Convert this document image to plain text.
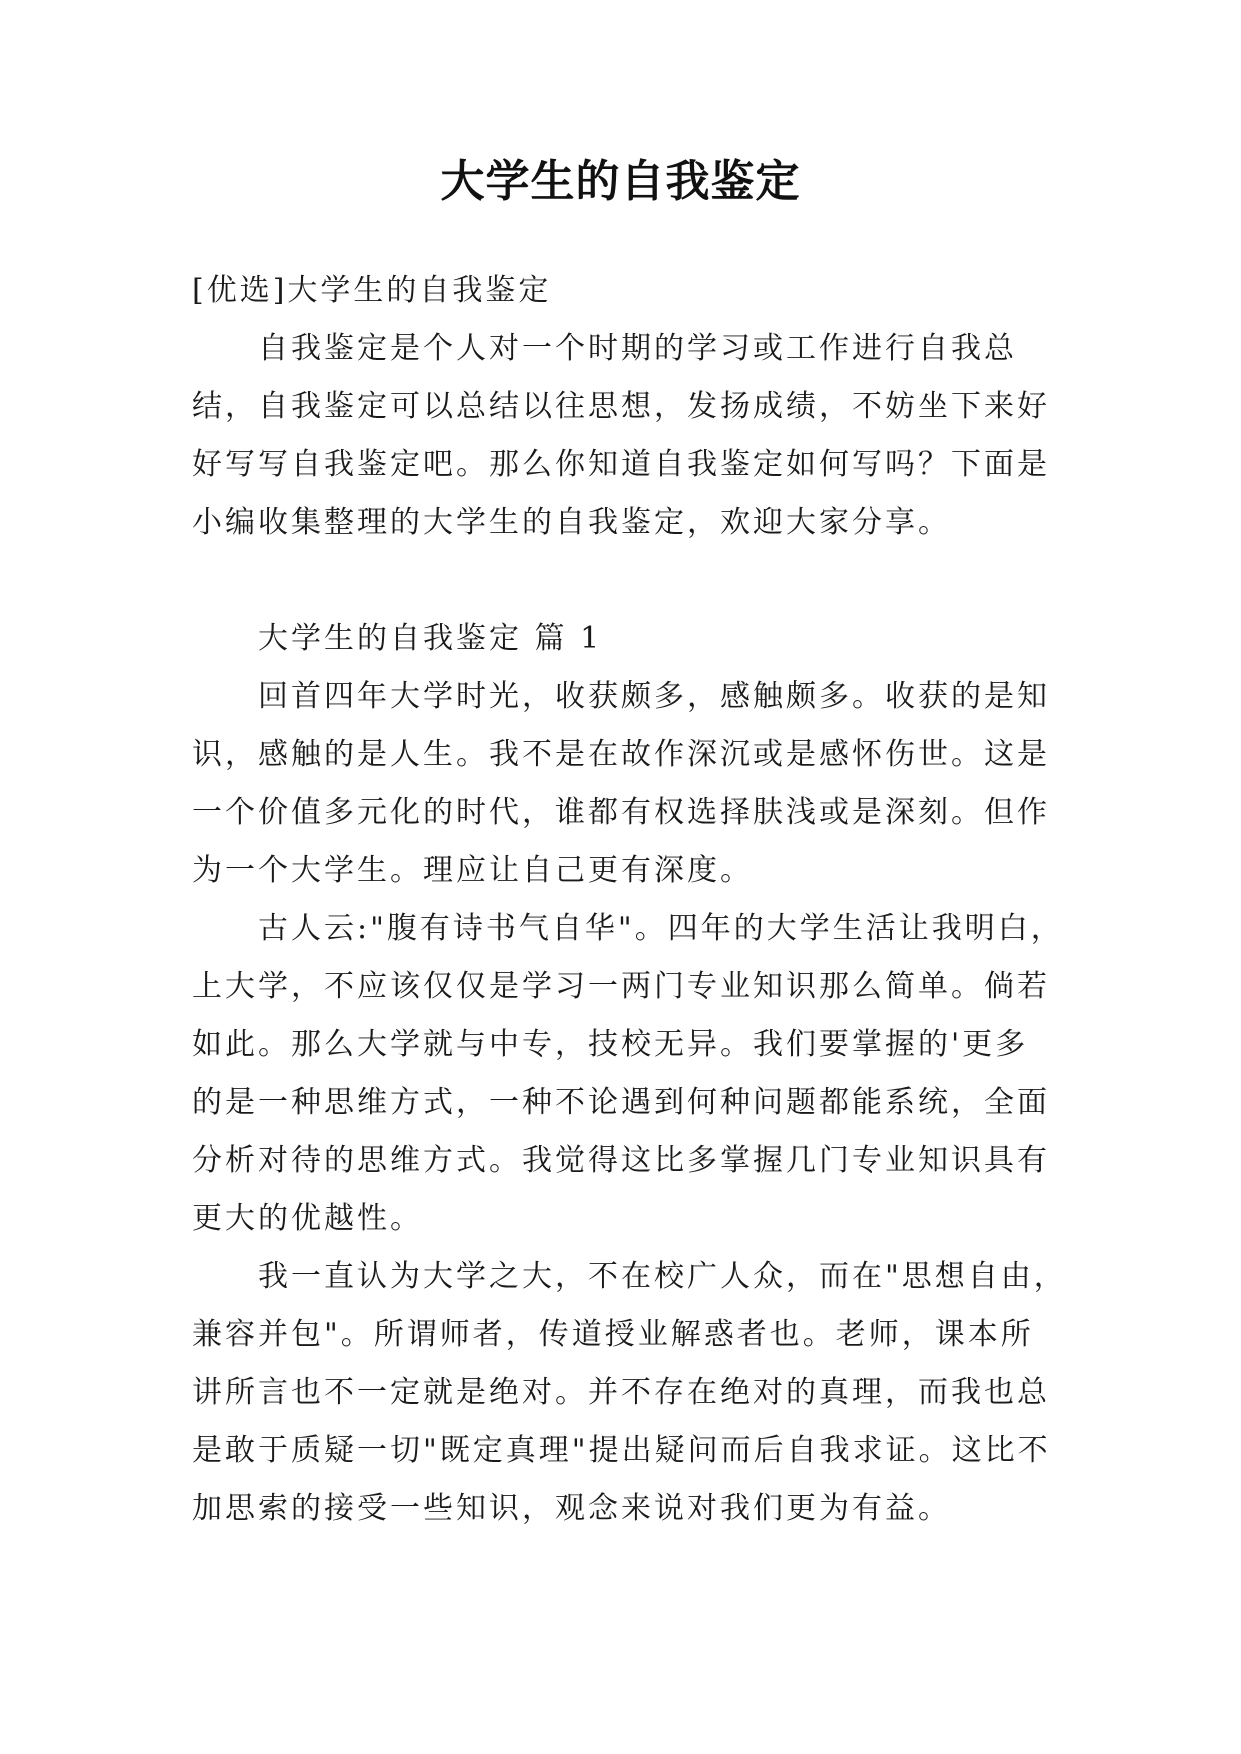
大学生的自我鉴定

[优选]大学生的自我鉴定

自我鉴定是个人对一个时期的学习或工作进行自我总

结，自我鉴定可以总结以往思想，发扬成绩，不妨坐下来好

好写写自我鉴定吧。那么你知道自我鉴定如何写吗？下面是

小编收集整理的大学生的自我鉴定，欢迎大家分享。

大学生的自我鉴定 篇 1

回首四年大学时光，收获颇多，感触颇多。收获的是知

识，感触的是人生。我不是在故作深沉或是感怀伤世。这是

一个价值多元化的时代，谁都有权选择肤浅或是深刻。但作

为一个大学生。理应让自己更有深度。

古人云:"腹有诗书气自华"。四年的大学生活让我明白，

上大学，不应该仅仅是学习一两门专业知识那么简单。倘若

如此。那么大学就与中专，技校无异。我们要掌握的'更多

的是一种思维方式，一种不论遇到何种问题都能系统，全面

分析对待的思维方式。我觉得这比多掌握几门专业知识具有

更大的优越性。

我一直认为大学之大，不在校广人众，而在"思想自由，

兼容并包"。所谓师者，传道授业解惑者也。老师，课本所

讲所言也不一定就是绝对。并不存在绝对的真理，而我也总

是敢于质疑一切"既定真理"提出疑问而后自我求证。这比不

加思索的接受一些知识，观念来说对我们更为有益。
